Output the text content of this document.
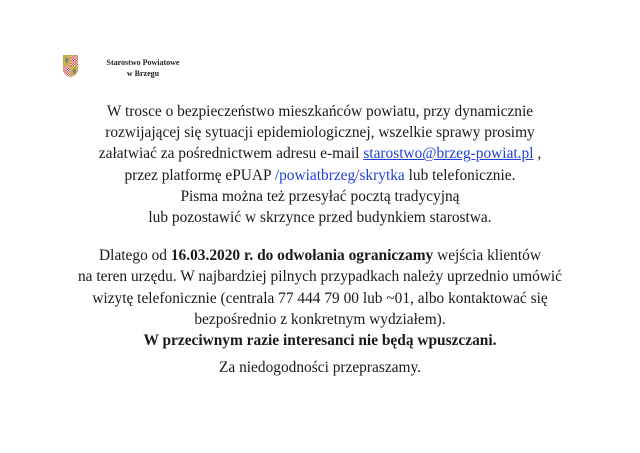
Starostwo Powiatowe
w Brzegu

W trosce o bezpieczeństwo mieszkańców powiatu, przy dynamicznie

rozwijającej się sytuacji epidemiologicznej, wszelkie sprawy prosimy

załatwiać za pośrednictwem adresu e-mail starostwo@brzeg-powiat.pl ,

przez platformę ePUAP /powiatbrzeg/skrytka lub telefonicznie.

Pisma można też przesyłać pocztą tradycyjną

lub pozostawić w skrzynce przed budynkiem starostwa.

Dlatego od 16.03.2020 r. do odwołania ograniczamy wejścia klientów

na teren urzędu. W najbardziej pilnych przypadkach należy uprzednio umówić

wizytę telefonicznie (centrala 77 444 79 00 lub ~01, albo kontaktować się

bezpośrednio z konkretnym wydziałem).

W przeciwnym razie interesanci nie będą wpuszczani.

Za niedogodności przepraszamy.
